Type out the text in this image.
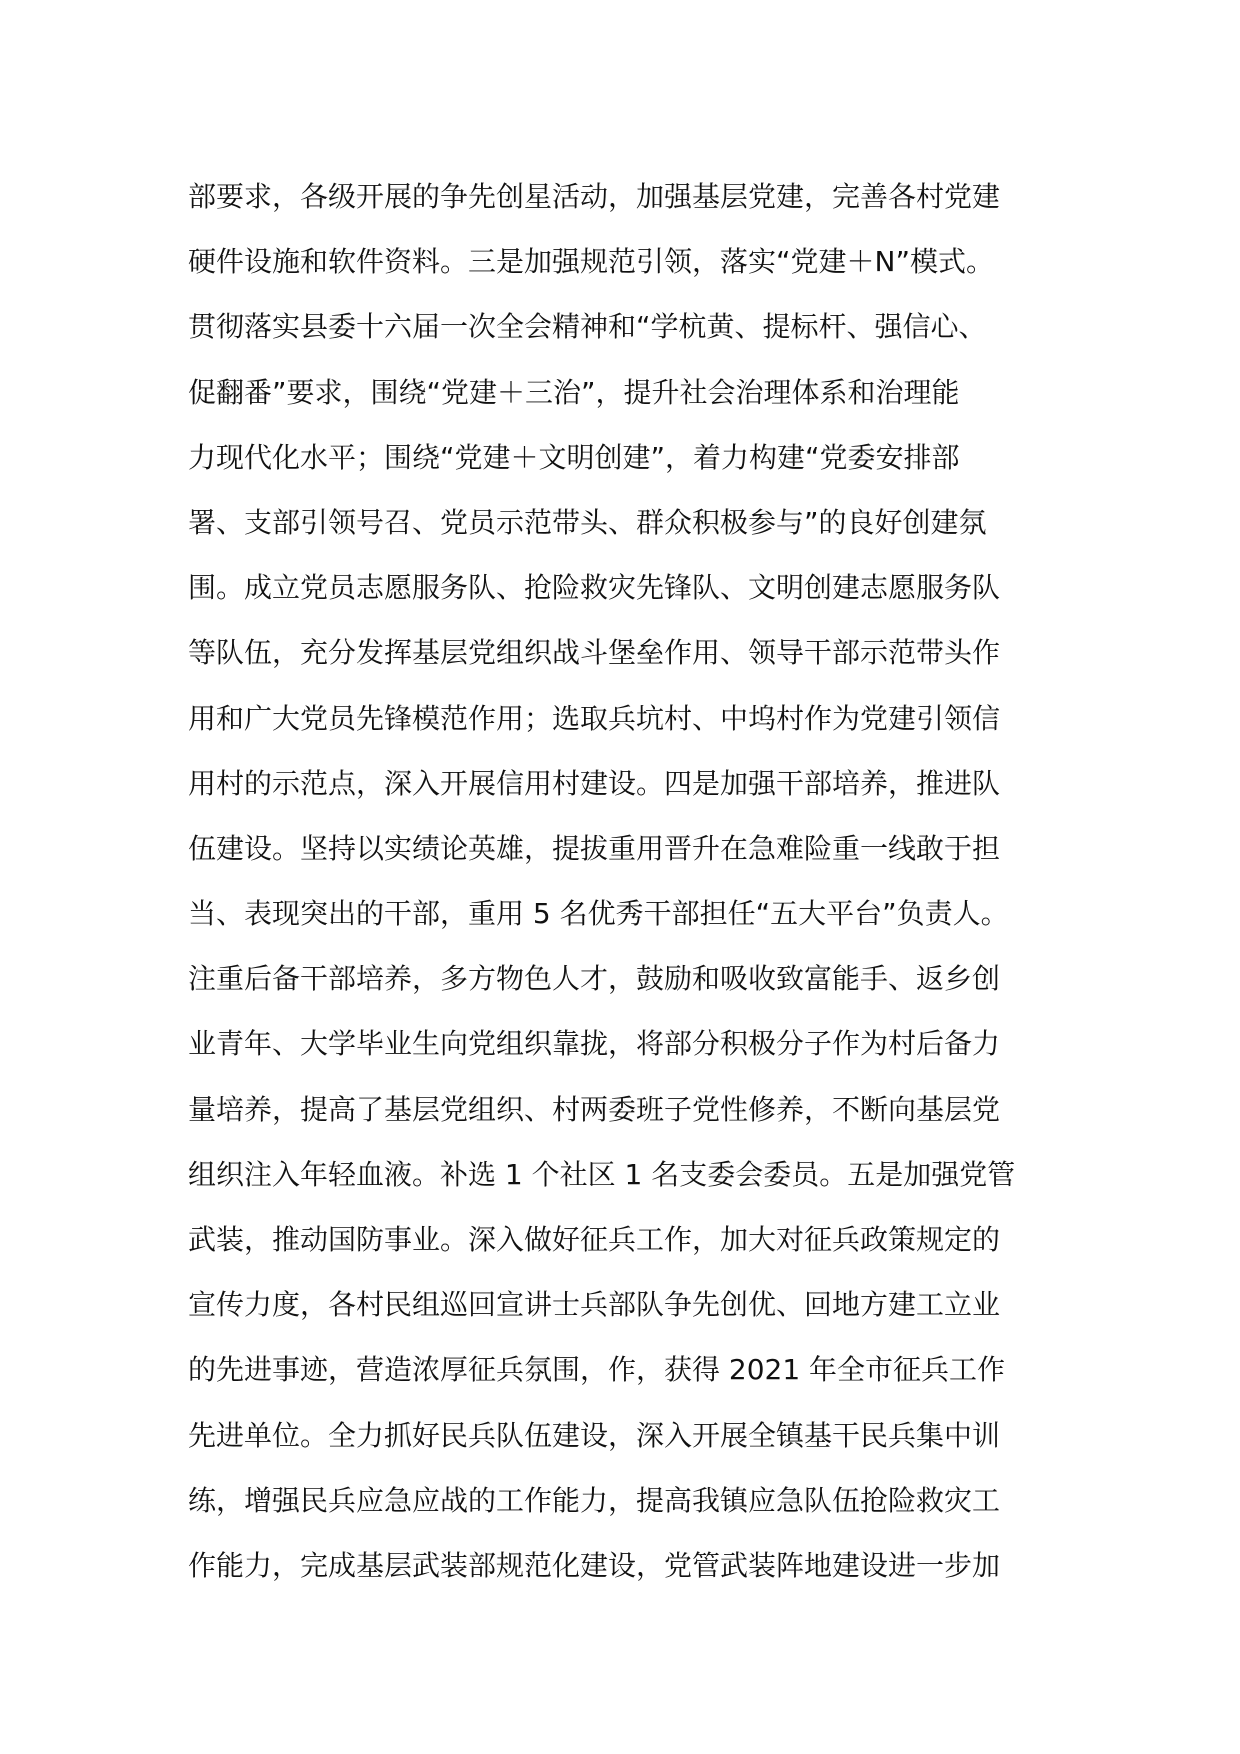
部要求，各级开展的争先创星活动，加强基层党建，完善各村党建
硬件设施和软件资料。三是加强规范引领，落实“党建＋N”模式。
贯彻落实县委十六届一次全会精神和“学杭黄、提标杆、强信心、
促翻番”要求，围绕“党建＋三治”，提升社会治理体系和治理能
力现代化水平；围绕“党建＋文明创建”，着力构建“党委安排部
署、支部引领号召、党员示范带头、群众积极参与”的良好创建氛
围。成立党员志愿服务队、抢险救灾先锋队、文明创建志愿服务队
等队伍，充分发挥基层党组织战斗堡垒作用、领导干部示范带头作
用和广大党员先锋模范作用；选取兵坑村、中坞村作为党建引领信
用村的示范点，深入开展信用村建设。四是加强干部培养，推进队
伍建设。坚持以实绩论英雄，提拔重用晋升在急难险重一线敢于担
当、表现突出的干部，重用 5 名优秀干部担任“五大平台”负责人。
注重后备干部培养，多方物色人才，鼓励和吸收致富能手、返乡创
业青年、大学毕业生向党组织靠拢，将部分积极分子作为村后备力
量培养，提高了基层党组织、村两委班子党性修养，不断向基层党
组织注入年轻血液。补选 1 个社区 1 名支委会委员。五是加强党管
武装，推动国防事业。深入做好征兵工作，加大对征兵政策规定的
宣传力度，各村民组巡回宣讲士兵部队争先创优、回地方建工立业
的先进事迹，营造浓厚征兵氛围，作，获得 2021 年全市征兵工作
先进单位。全力抓好民兵队伍建设，深入开展全镇基干民兵集中训
练，增强民兵应急应战的工作能力，提高我镇应急队伍抢险救灾工
作能力，完成基层武装部规范化建设，党管武装阵地建设进一步加
